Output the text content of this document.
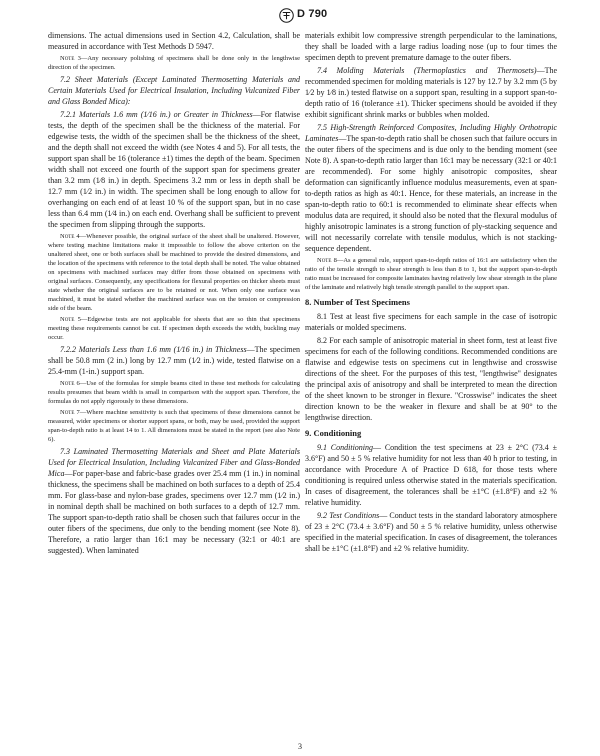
D 790

dimensions. The actual dimensions used in Section 4.2, Calculation, shall be measured in accordance with Test Methods D 5947.

Note 3—Any necessary polishing of specimens shall be done only in the lengthwise direction of the specimen.

7.2 Sheet Materials (Except Laminated Thermosetting Materials and Certain Materials Used for Electrical Insulation, Including Vulcanized Fiber and Glass Bonded Mica):

7.2.1 Materials 1.6 mm (1⁄16 in.) or Greater in Thickness—For flatwise tests, the depth of the specimen shall be the thickness of the material. For edgewise tests, the width of the specimen shall be the thickness of the sheet, and the depth shall not exceed the width (see Notes 4 and 5). For all tests, the support span shall be 16 (tolerance ±1) times the depth of the beam. Specimen width shall not exceed one fourth of the support span for specimens greater than 3.2 mm (1⁄8 in.) in depth. Specimens 3.2 mm or less in depth shall be 12.7 mm (1⁄2 in.) in width. The specimen shall be long enough to allow for overhanging on each end of at least 10 % of the support span, but in no case less than 6.4 mm (1⁄4 in.) on each end. Overhang shall be sufficient to prevent the specimen from slipping through the supports.

Note 4—Whenever possible, the original surface of the sheet shall be unaltered. However, where testing machine limitations make it impossible to follow the above criterion on the unaltered sheet, one or both surfaces shall be machined to provide the desired dimensions, and the location of the specimens with reference to the total depth shall be noted. The value obtained on specimens with machined surfaces may differ from those obtained on specimens with original surfaces. Consequently, any specifications for flexural properties on thicker sheets must state whether the original surfaces are to be retained or not. When only one surface was machined, it must be stated whether the machined surface was on the tension or compression side of the beam.

Note 5—Edgewise tests are not applicable for sheets that are so thin that specimens meeting these requirements cannot be cut. If specimen depth exceeds the width, buckling may occur.

7.2.2 Materials Less than 1.6 mm (1⁄16 in.) in Thickness—The specimen shall be 50.8 mm (2 in.) long by 12.7 mm (1⁄2 in.) wide, tested flatwise on a 25.4-mm (1-in.) support span.

Note 6—Use of the formulas for simple beams cited in these test methods for calculating results presumes that beam width is small in comparison with the support span. Therefore, the formulas do not apply rigorously to these dimensions.

Note 7—Where machine sensitivity is such that specimens of these dimensions cannot be measured, wider specimens or shorter support spans, or both, may be used, provided the support span-to-depth ratio is at least 14 to 1. All dimensions must be stated in the report (see also Note 6).

7.3 Laminated Thermosetting Materials and Sheet and Plate Materials Used for Electrical Insulation, Including Vulcanized Fiber and Glass-Bonded Mica—For paper-base and fabric-base grades over 25.4 mm (1 in.) in nominal thickness, the specimens shall be machined on both surfaces to a depth of 25.4 mm. For glass-base and nylon-base grades, specimens over 12.7 mm (1⁄2 in.) in nominal depth shall be machined on both surfaces to a depth of 12.7 mm. The support span-to-depth ratio shall be chosen such that failures occur in the outer fibers of the specimens, due only to the bending moment (see Note 8). Therefore, a ratio larger than 16:1 may be necessary (32:1 or 40:1 are suggested). When laminated

materials exhibit low compressive strength perpendicular to the laminations, they shall be loaded with a large radius loading nose (up to four times the specimen depth to prevent premature damage to the outer fibers.

7.4 Molding Materials (Thermoplastics and Thermosets)—The recommended specimen for molding materials is 127 by 12.7 by 3.2 mm (5 by 1⁄2 by 1⁄8 in.) tested flatwise on a support span, resulting in a support span-to-depth ratio of 16 (tolerance ±1). Thicker specimens should be avoided if they exhibit significant shrink marks or bubbles when molded.

7.5 High-Strength Reinforced Composites, Including Highly Orthotropic Laminates—The span-to-depth ratio shall be chosen such that failure occurs in the outer fibers of the specimens and is due only to the bending moment (see Note 8). A span-to-depth ratio larger than 16:1 may be necessary (32:1 or 40:1 are recommended). For some highly anisotropic composites, shear deformation can significantly influence modulus measurements, even at span-to-depth ratios as high as 40:1. Hence, for these materials, an increase in the span-to-depth ratio to 60:1 is recommended to eliminate shear effects when modulus data are required, it should also be noted that the flexural modulus of highly anisotropic laminates is a strong function of ply-stacking sequence and will not necessarily correlate with tensile modulus, which is not stacking-sequence dependent.

Note 8—As a general rule, support span-to-depth ratios of 16:1 are satisfactory when the ratio of the tensile strength to shear strength is less than 8 to 1, but the support span-to-depth ratio must be increased for composite laminates having relatively low shear strength in the plane of the laminate and relatively high tensile strength parallel to the support span.

8. Number of Test Specimens

8.1 Test at least five specimens for each sample in the case of isotropic materials or molded specimens.

8.2 For each sample of anisotropic material in sheet form, test at least five specimens for each of the following conditions. Recommended conditions are flatwise and edgewise tests on specimens cut in lengthwise and crosswise directions of the sheet. For the purposes of this test, "lengthwise" designates the principal axis of anisotropy and shall be interpreted to mean the direction of the sheet known to be stronger in flexure. "Crosswise" indicates the sheet direction known to be the weaker in flexure and shall be at 90° to the lengthwise direction.

9. Conditioning

9.1 Conditioning— Condition the test specimens at 23 ± 2°C (73.4 ± 3.6°F) and 50 ± 5 % relative humidity for not less than 40 h prior to testing, in accordance with Procedure A of Practice D 618, for those tests where conditioning is required unless otherwise stated in the materials specification. In cases of disagreement, the tolerances shall be ±1°C (±1.8°F) and ±2 % relative humidity.

9.2 Test Conditions— Conduct tests in the standard laboratory atmosphere of 23 ± 2°C (73.4 ± 3.6°F) and 50 ± 5 % relative humidity, unless otherwise specified in the material specification. In cases of disagreement, the tolerances shall be ±1°C (±1.8°F) and ±2 % relative humidity.

3
